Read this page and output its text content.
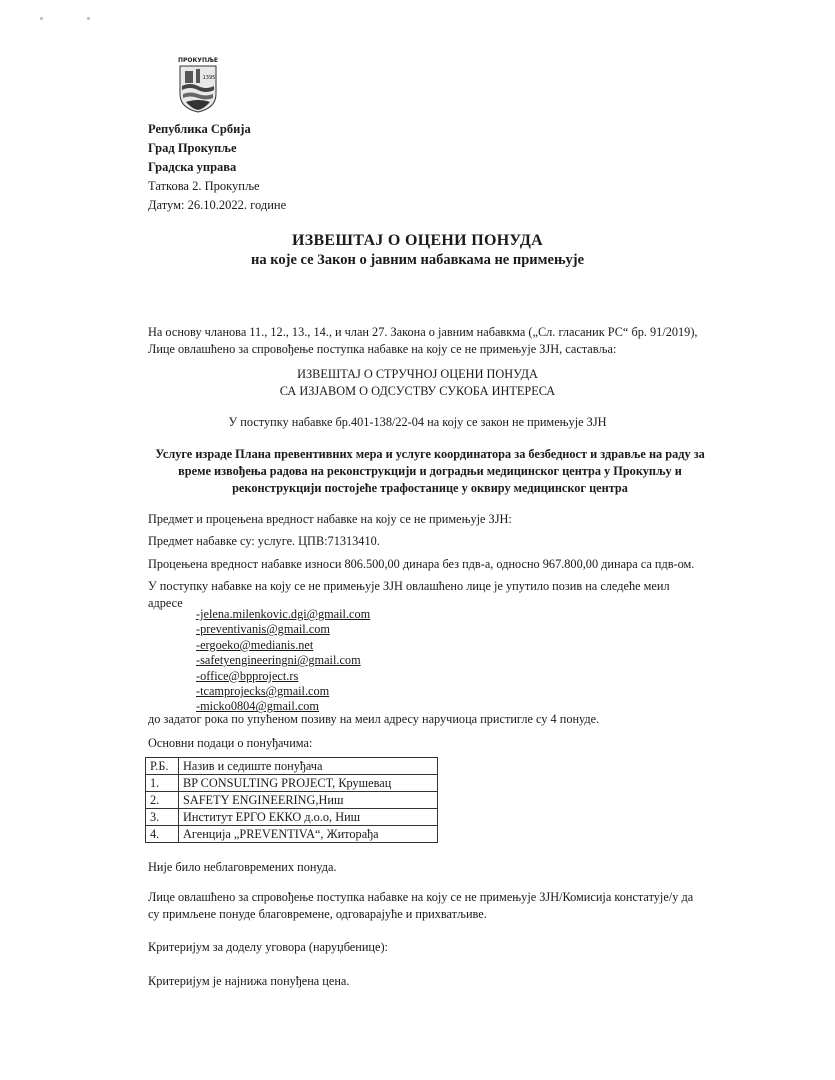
ПРОКУПЉЕ
1395
Република Србија
Град Прокупље
Градска управа
Таткова 2. Прокупље
Датум: 26.10.2022. године
ИЗВЕШТАЈ О ОЦЕНИ ПОНУДА
на које се Закон о јавним набавкама не примењује
На основу чланова 11., 12., 13., 14., и члан 27. Закона о јавним набавкма („Сл. гласаник РС“ бр. 91/2019),
Лице овлашћено за спровођење поступка набавке на коју се не примењује ЗЈН, саставља:
ИЗВЕШТАЈ О СТРУЧНОЈ ОЦЕНИ ПОНУДА
СА ИЗЈАВОМ О ОДСУСТВУ СУКОБА ИНТЕРЕСА
У поступку набавке бр.401-138/22-04 на коју се закон не примењује ЗЈН
Услуге израде Плана превентивних мера и услуге координатора за безбедност и здравље на раду за
време извођења радова на реконструкцији и доградњи медицинског центра у Прокупљу и
реконструкцији постојеће трафостанице у оквиру медицинског центра
Предмет и процењена вредност набавке на коју се не примењује ЗЈН:
Предмет набавке су: услуге. ЦПВ:71313410.
Процењена вредност набавке износи 806.500,00 динара без пдв-а, односно 967.800,00 динара са пдв-ом.
У поступку набавке на коју се не примењује ЗЈН овлашћено лице је упутило позив на следеће меил
адресе
-jelena.milenkovic.dgi@gmail.com
-preventivanis@gmail.com
-ergoeko@medianis.net
-safetyengineeringni@gmail.com
-office@bpproject.rs
-tcamprojecks@gmail.com
-micko0804@gmail.com
до задатог рока по упућеном позиву на меил адресу наручиоца пристигле су 4 понуде.
Основни подаци о понуђачима:
Р.Б.	Назив и седиште понуђача
1.	BP CONSULTING PROJECT, Крушевац
2.	SAFETY ENGINEERING,Ниш
3.	Институт ЕРГО ЕККО д.о.о, Ниш
4.	Агенција „PREVENTIVA“, Житорађа
Није било неблаговремених понуда.
Лице овлашћено за спровођење поступка набавке на коју се не примењује ЗЈН/Комисија констатује/у да
су примљене понуде благовремене, одговарајуће и прихватљиве.
Критеријум за доделу уговора (наруџбенице):
Критеријум је најнижа понуђена цена.
